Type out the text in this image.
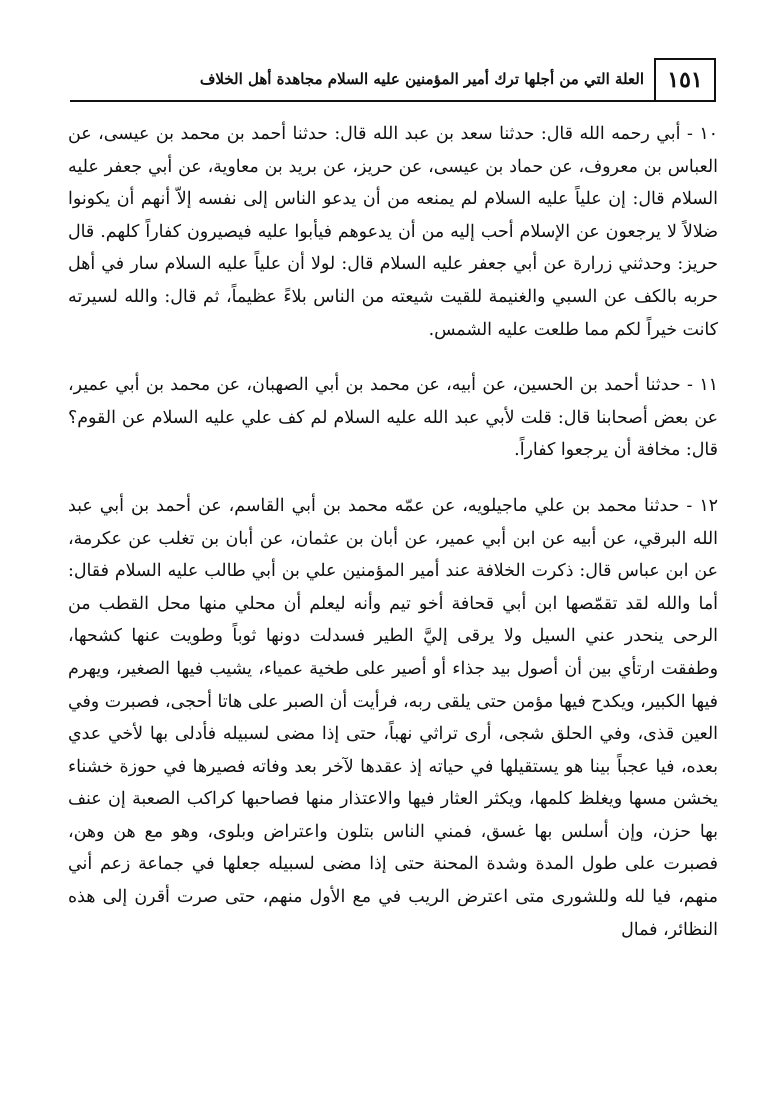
١٥١
العلة التي من أجلها ترك أمير المؤمنين عليه السلام مجاهدة أهل الخلاف

١٠ - أبي رحمه الله قال: حدثنا سعد بن عبد الله قال: حدثنا أحمد بن محمد بن عيسى، عن العباس بن معروف، عن حماد بن عيسى، عن حريز، عن بريد بن معاوية، عن أبي جعفر عليه السلام قال: إن علياً عليه السلام لم يمنعه من أن يدعو الناس إلى نفسه إلاّ أنهم أن يكونوا ضلالاً لا يرجعون عن الإسلام أحب إليه من أن يدعوهم فيأبوا عليه فيصيرون كفاراً كلهم. قال حريز: وحدثني زرارة عن أبي جعفر عليه السلام قال: لولا أن علياً عليه السلام سار في أهل حربه بالكف عن السبي والغنيمة للقيت شيعته من الناس بلاءً عظيماً، ثم قال: والله لسيرته كانت خيراً لكم مما طلعت عليه الشمس.

١١ - حدثنا أحمد بن الحسين، عن أبيه، عن محمد بن أبي الصهبان، عن محمد بن أبي عمير، عن بعض أصحابنا قال: قلت لأبي عبد الله عليه السلام لم كف علي عليه السلام عن القوم؟ قال: مخافة أن يرجعوا كفاراً.

١٢ - حدثنا محمد بن علي ماجيلويه، عن عمّه محمد بن أبي القاسم، عن أحمد بن أبي عبد الله البرقي، عن أبيه عن ابن أبي عمير، عن أبان بن عثمان، عن أبان بن تغلب عن عكرمة، عن ابن عباس قال: ذكرت الخلافة عند أمير المؤمنين علي بن أبي طالب عليه السلام فقال: أما والله لقد تقمّصها ابن أبي قحافة أخو تيم وأنه ليعلم أن محلي منها محل القطب من الرحى ينحدر عني السيل ولا يرقى إليَّ الطير فسدلت دونها ثوباً وطويت عنها كشحها، وطفقت ارتأي بين أن أصول بيد جذاء أو أصير على طخية عمياء، يشيب فيها الصغير، ويهرم فيها الكبير، ويكدح فيها مؤمن حتى يلقى ربه، فرأيت أن الصبر على هاتا أحجى، فصبرت وفي العين قذى، وفي الحلق شجى، أرى تراثي نهباً، حتى إذا مضى لسبيله فأدلى بها لأخي عدي بعده، فيا عجباً بينا هو يستقيلها في حياته إذ عقدها لآخر بعد وفاته فصيرها في حوزة خشناء يخشن مسها ويغلظ كلمها، ويكثر العثار فيها والاعتذار منها فصاحبها كراكب الصعبة إن عنف بها حزن، وإن أسلس بها غسق، فمني الناس بتلون واعتراض وبلوى، وهو مع هن وهن، فصبرت على طول المدة وشدة المحنة حتى إذا مضى لسبيله جعلها في جماعة زعم أني منهم، فيا لله وللشورى متى اعترض الريب في مع الأول منهم، حتى صرت أقرن إلى هذه النظائر، فمال
